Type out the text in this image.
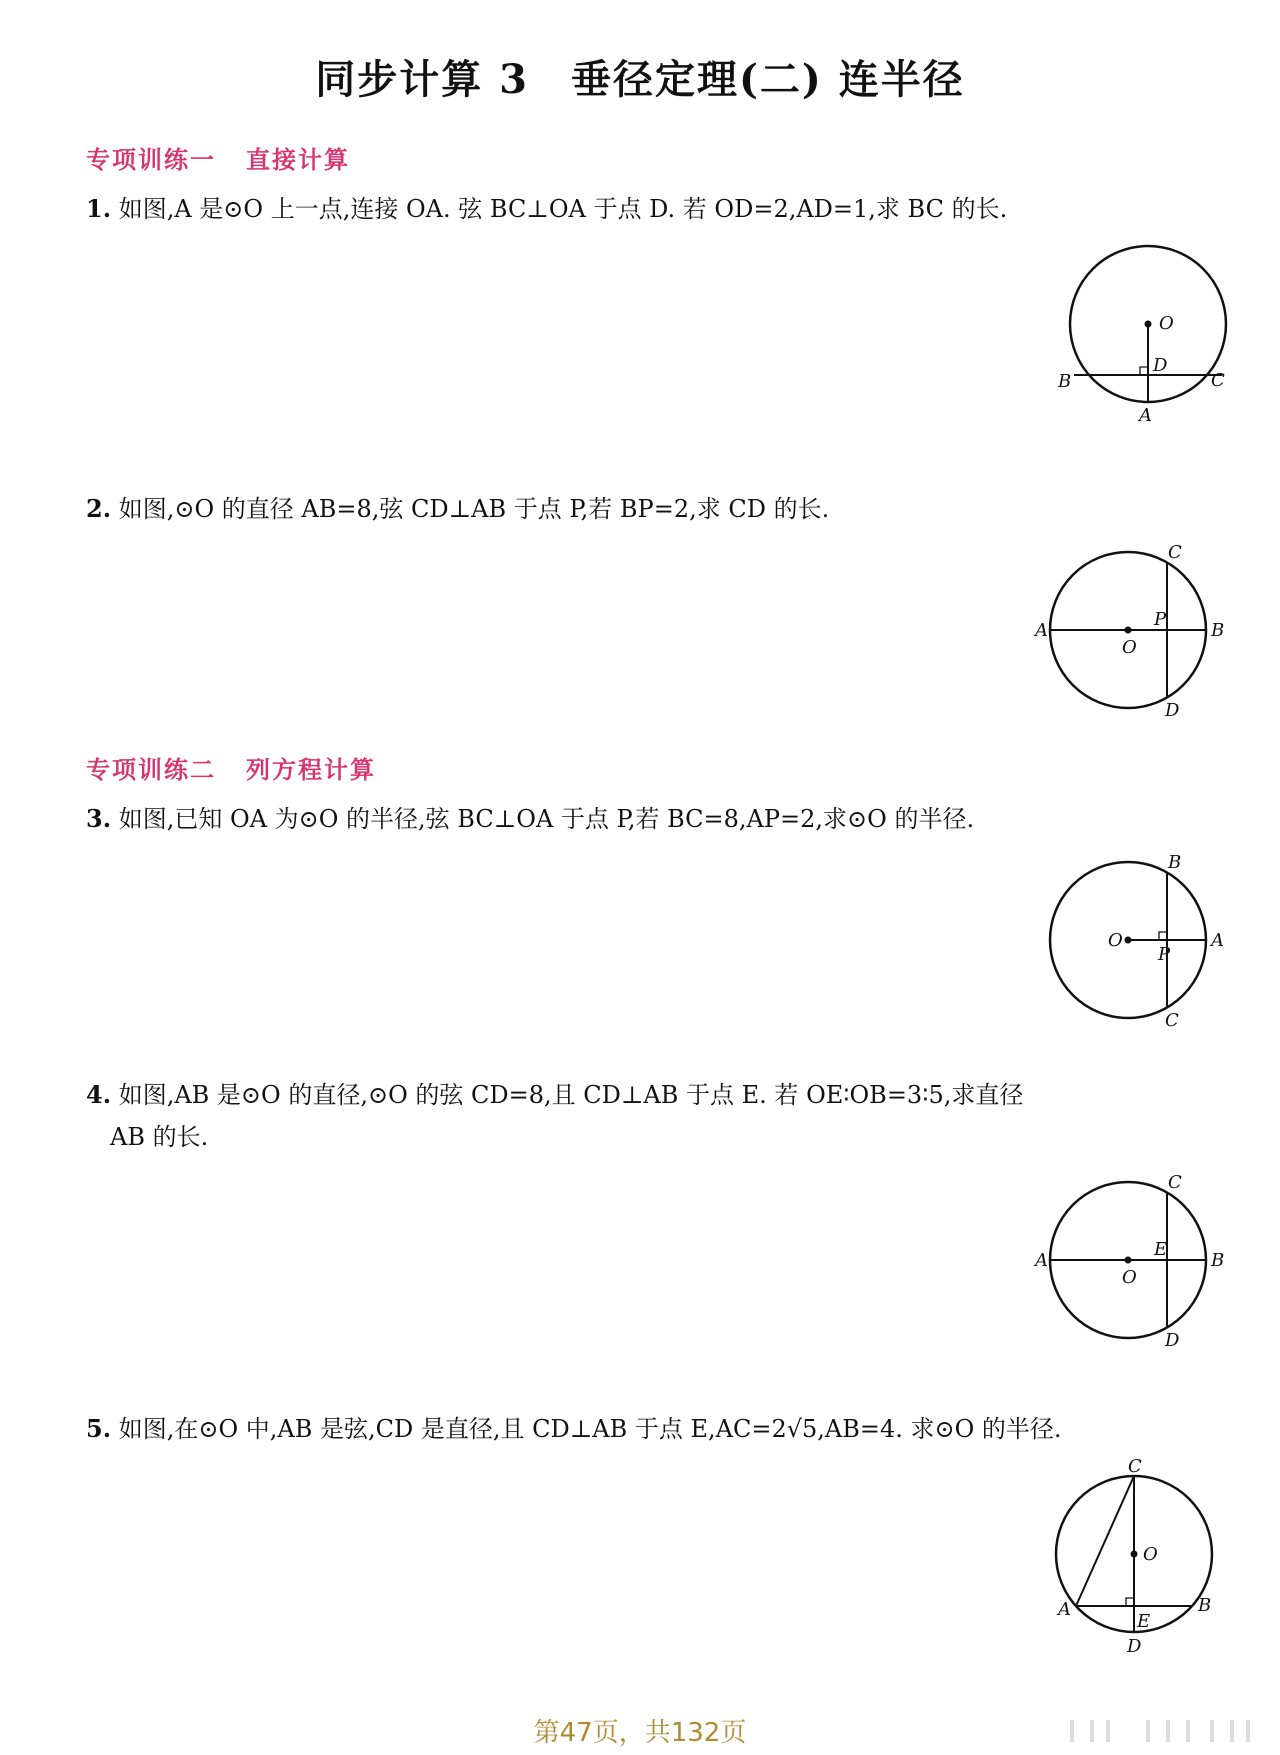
同步计算 3　垂径定理(二) 连半径
专项训练一 直接计算
1. 如图,A 是⊙O 上一点,连接 OA. 弦 BC⊥OA 于点 D. 若 OD=2,AD=1,求 BC 的长.
O
D
B	C
A
2. 如图,⊙O 的直径 AB=8,弦 CD⊥AB 于点 P,若 BP=2,求 CD 的长.
C
P
A
O
B
D
专项训练二 列方程计算
3. 如图,已知 OA 为⊙O 的半径,弦 BC⊥OA 于点 P,若 BC=8,AP=2,求⊙O 的半径.
B
O
P
A
C
4. 如图,AB 是⊙O 的直径,⊙O 的弦 CD=8,且 CD⊥AB 于点 E. 若 OE∶OB=3∶5,求直径
AB 的长.
C
E
A
O
B
D
5. 如图,在⊙O 中,AB 是弦,CD 是直径,且 CD⊥AB 于点 E,AC=2√5,AB=4. 求⊙O 的半径.
C
O
A
E
B
D
第47页，共132页
